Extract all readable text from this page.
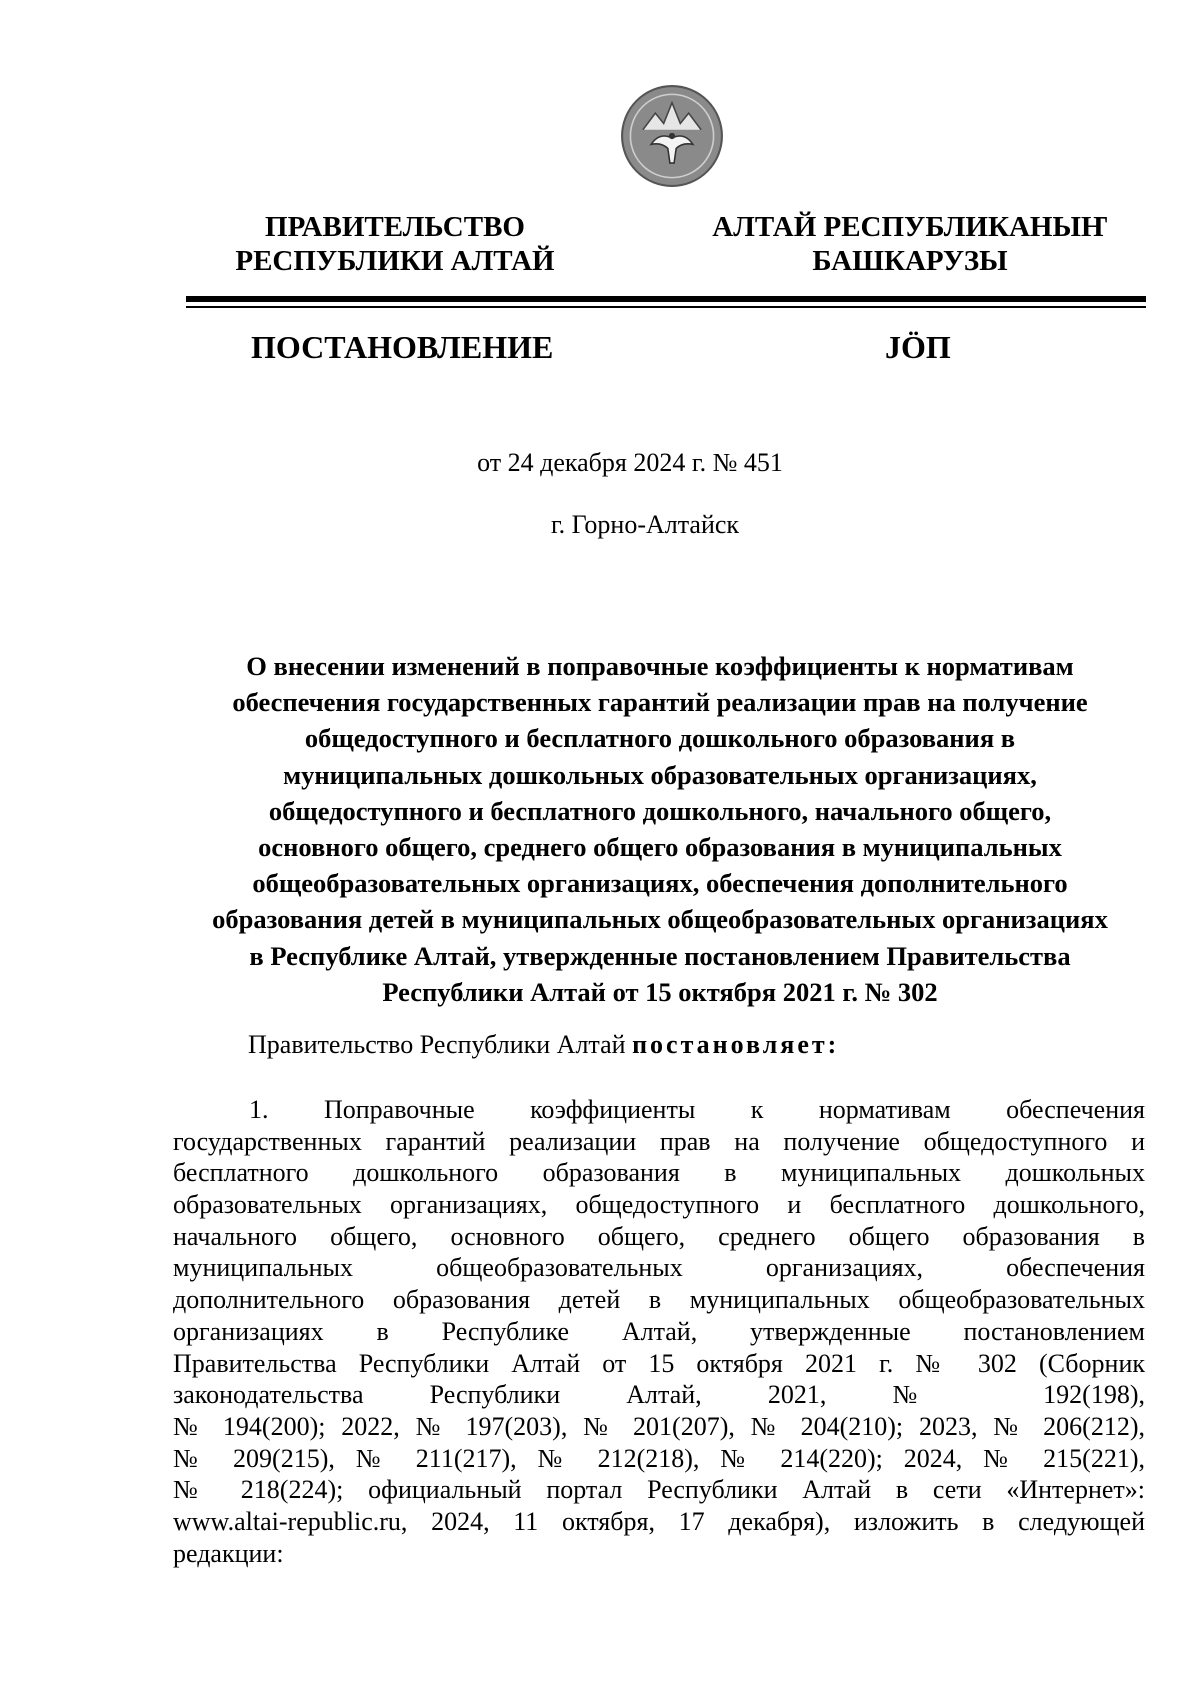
ПРАВИТЕЛЬСТВО
РЕСПУБЛИКИ АЛТАЙ
АЛТАЙ РЕСПУБЛИКАНЫҤ
БАШКАРУЗЫ
ПОСТАНОВЛЕНИЕ	JÖП
от 24 декабря 2024 г. № 451
г. Горно-Алтайск
О внесении изменений в поправочные коэффициенты к нормативам
обеспечения государственных гарантий реализации прав на получение
общедоступного и бесплатного дошкольного образования в
муниципальных дошкольных образовательных организациях,
общедоступного и бесплатного дошкольного, начального общего,
основного общего, среднего общего образования в муниципальных
общеобразовательных организациях, обеспечения дополнительного
образования детей в муниципальных общеобразовательных организациях
в Республике Алтай, утвержденные постановлением Правительства
Республики Алтай от 15 октября 2021 г. № 302
Правительство Республики Алтай постановляет:
1. Поправочные коэффициенты к нормативам обеспечения
государственных гарантий реализации прав на получение общедоступного и
бесплатного дошкольного образования в муниципальных дошкольных
образовательных организациях, общедоступного и бесплатного дошкольного,
начального общего, основного общего, среднего общего образования в
муниципальных общеобразовательных организациях, обеспечения
дополнительного образования детей в муниципальных общеобразовательных
организациях в Республике Алтай, утвержденные постановлением
Правительства Республики Алтай от 15 октября 2021 г. № 302 (Сборник
законодательства Республики Алтай, 2021, № 192(198),
№ 194(200); 2022, № 197(203), № 201(207), № 204(210); 2023, № 206(212),
№ 209(215), № 211(217), № 212(218), № 214(220); 2024, № 215(221),
№ 218(224); официальный портал Республики Алтай в сети «Интернет»:
www.altai-republic.ru, 2024, 11 октября, 17 декабря), изложить в следующей
редакции:
